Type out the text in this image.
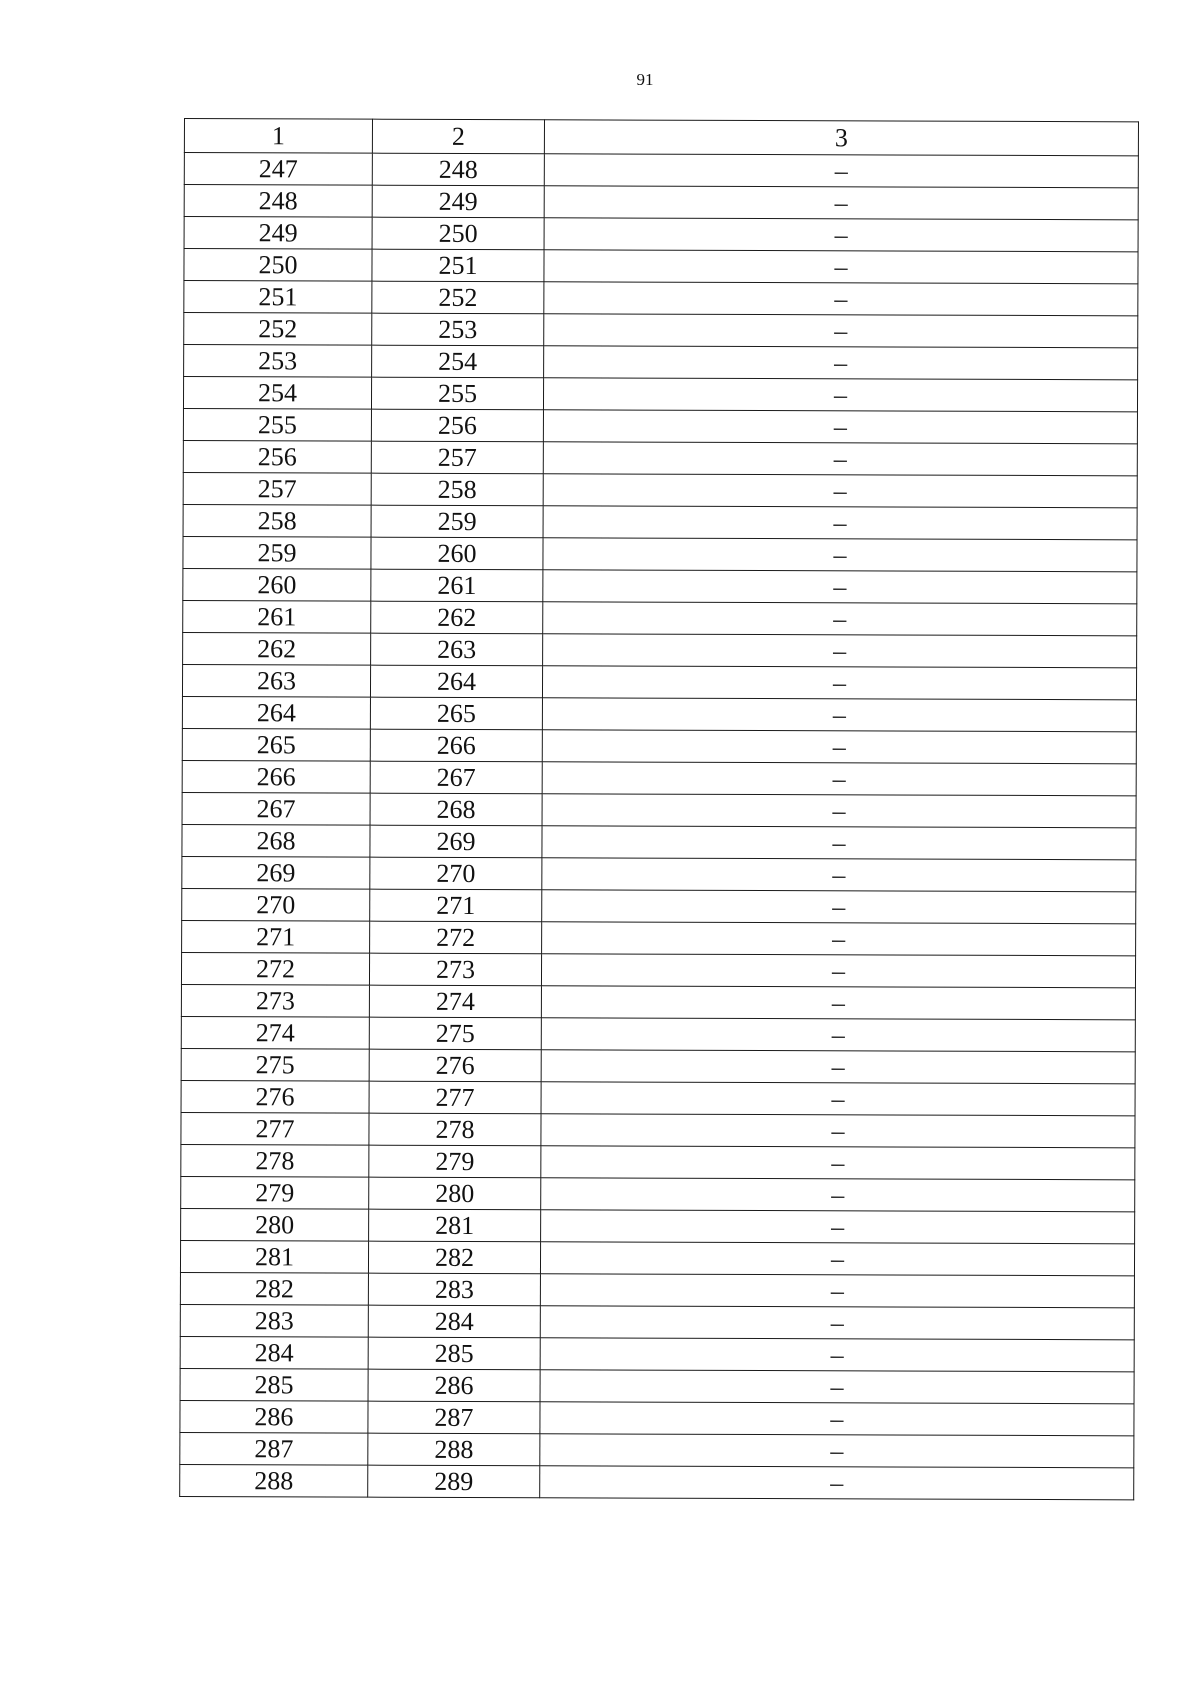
91
1	2	3
247	248	–
248	249	–
249	250	–
250	251	–
251	252	–
252	253	–
253	254	–
254	255	–
255	256	–
256	257	–
257	258	–
258	259	–
259	260	–
260	261	–
261	262	–
262	263	–
263	264	–
264	265	–
265	266	–
266	267	–
267	268	–
268	269	–
269	270	–
270	271	–
271	272	–
272	273	–
273	274	–
274	275	–
275	276	–
276	277	–
277	278	–
278	279	–
279	280	–
280	281	–
281	282	–
282	283	–
283	284	–
284	285	–
285	286	–
286	287	–
287	288	–
288	289	–
